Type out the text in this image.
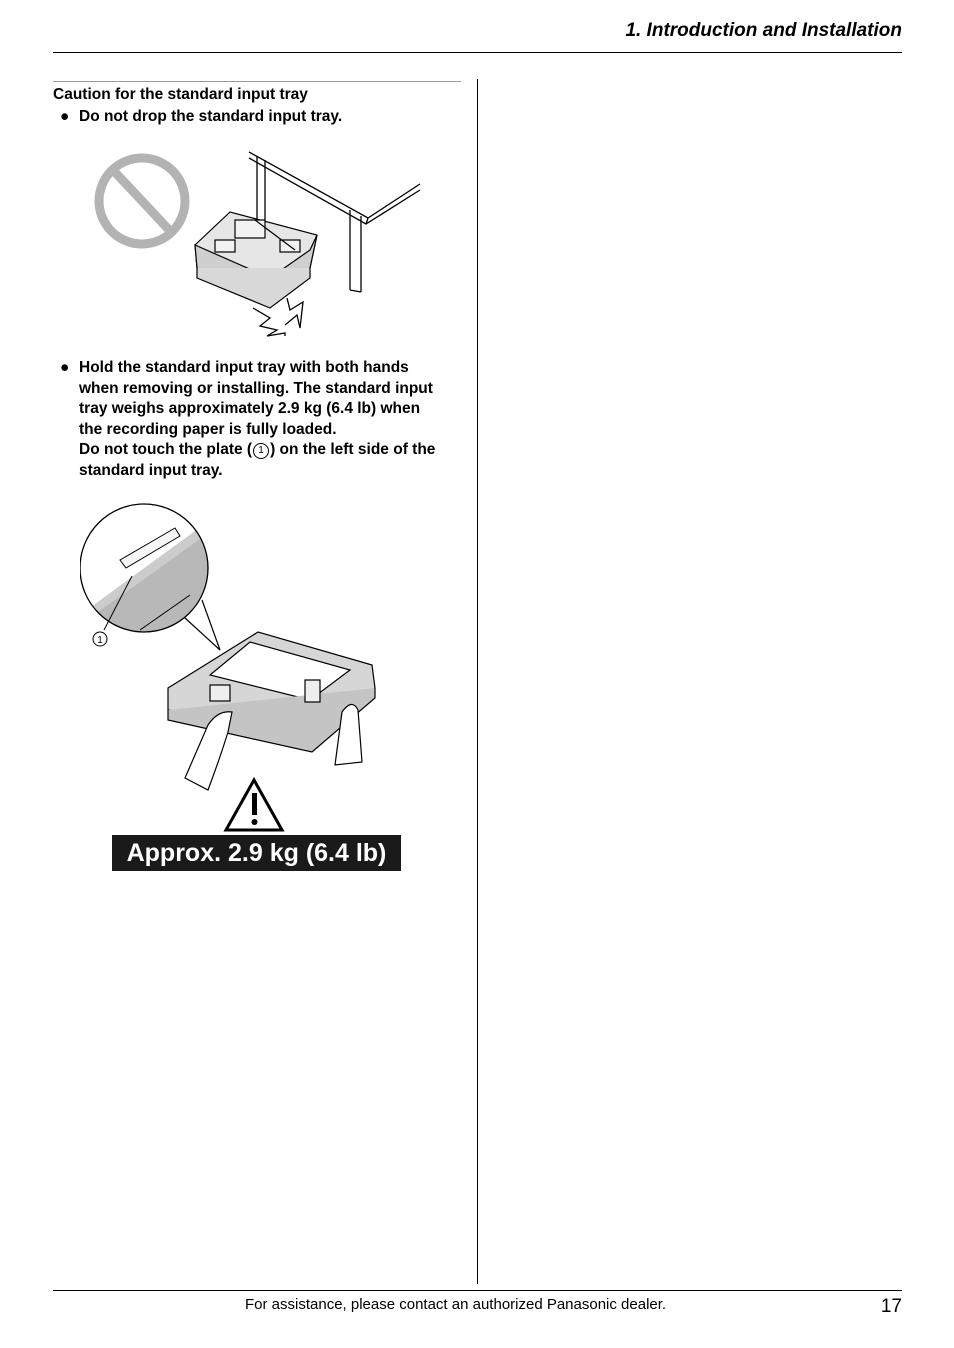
1. Introduction and Installation
Caution for the standard input tray
● Do not drop the standard input tray.
● Hold the standard input tray with both hands
when removing or installing. The standard input
tray weighs approximately 2.9 kg (6.4 lb) when
the recording paper is fully loaded.
Do not touch the plate ( 1 ) on the left side of the
standard input tray.
1
Approx. 2.9 kg (6.4 lb)
For assistance, please contact an authorized Panasonic dealer.	17
